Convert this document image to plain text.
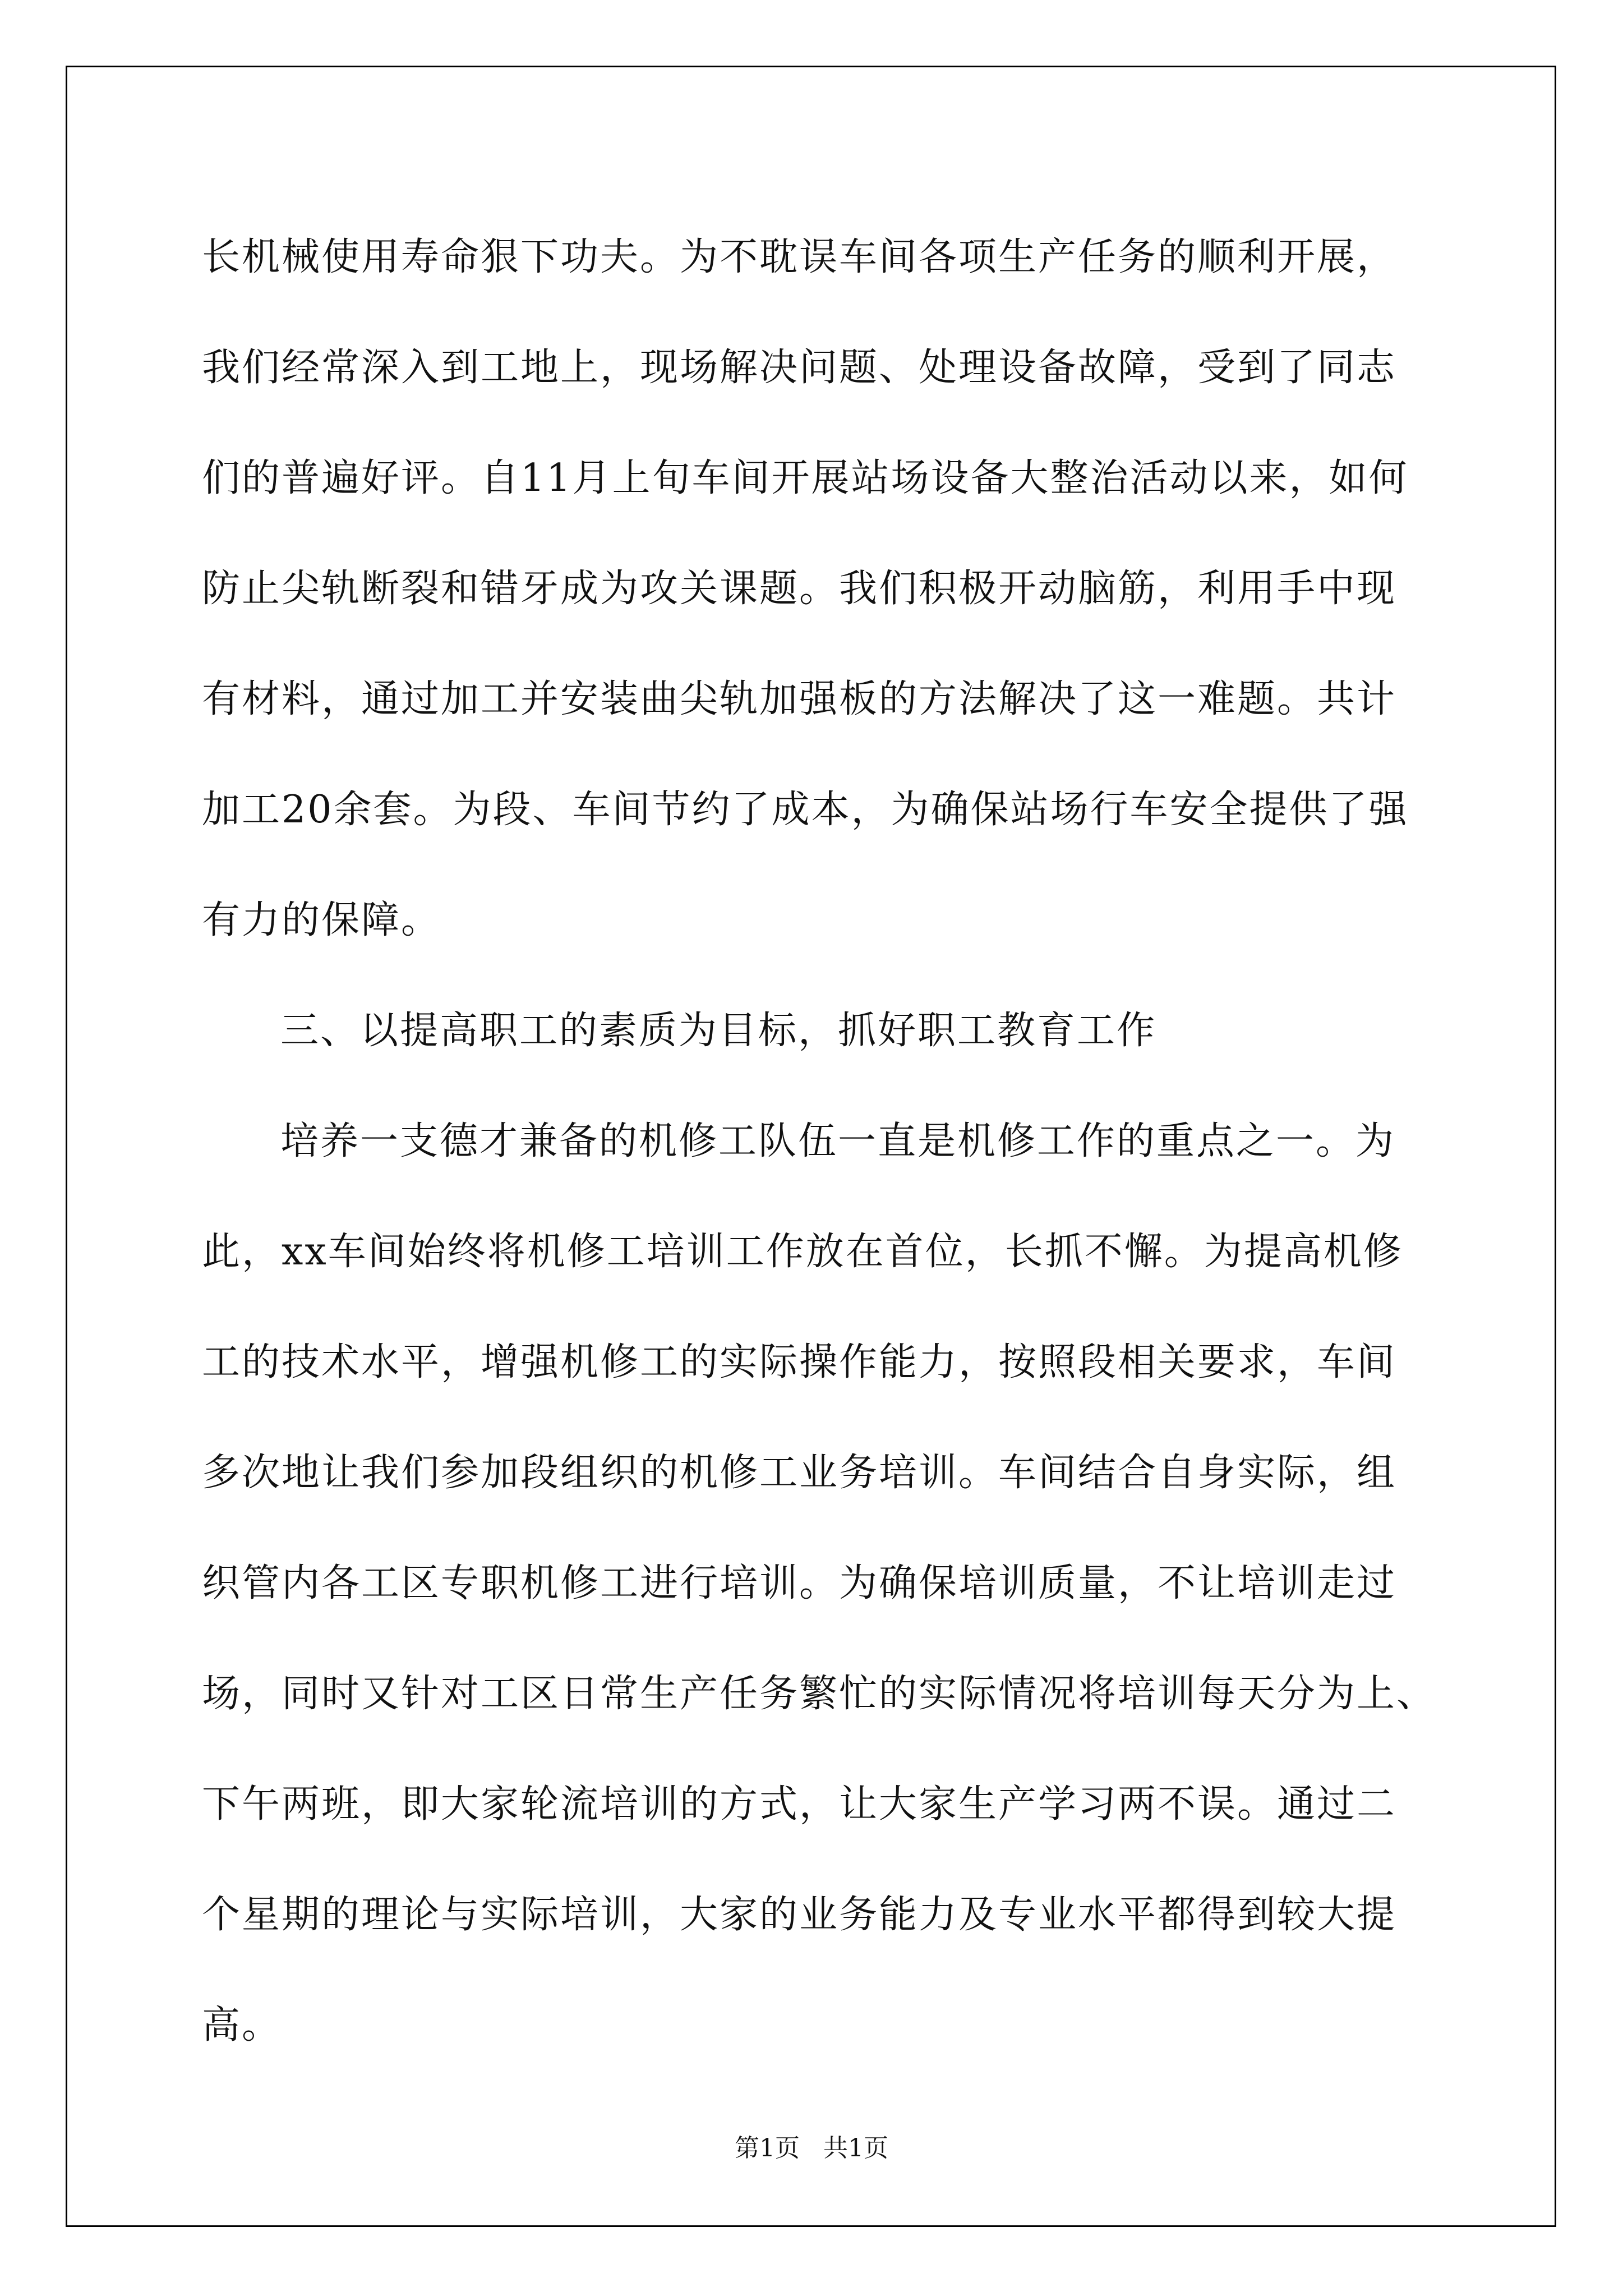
长机械使用寿命狠下功夫。为不耽误车间各项生产任务的顺利开展，
我们经常深入到工地上，现场解决问题、处理设备故障，受到了同志
们的普遍好评。自11月上旬车间开展站场设备大整治活动以来，如何
防止尖轨断裂和错牙成为攻关课题。我们积极开动脑筋，利用手中现
有材料，通过加工并安装曲尖轨加强板的方法解决了这一难题。共计
加工20余套。为段、车间节约了成本，为确保站场行车安全提供了强
有力的保障。
三、以提高职工的素质为目标，抓好职工教育工作
培养一支德才兼备的机修工队伍一直是机修工作的重点之一。为
此，xx车间始终将机修工培训工作放在首位，长抓不懈。为提高机修
工的技术水平，增强机修工的实际操作能力，按照段相关要求，车间
多次地让我们参加段组织的机修工业务培训。车间结合自身实际，组
织管内各工区专职机修工进行培训。为确保培训质量，不让培训走过
场，同时又针对工区日常生产任务繁忙的实际情况将培训每天分为上、
下午两班，即大家轮流培训的方式，让大家生产学习两不误。通过二
个星期的理论与实际培训，大家的业务能力及专业水平都得到较大提
高。
第1页 共1页
